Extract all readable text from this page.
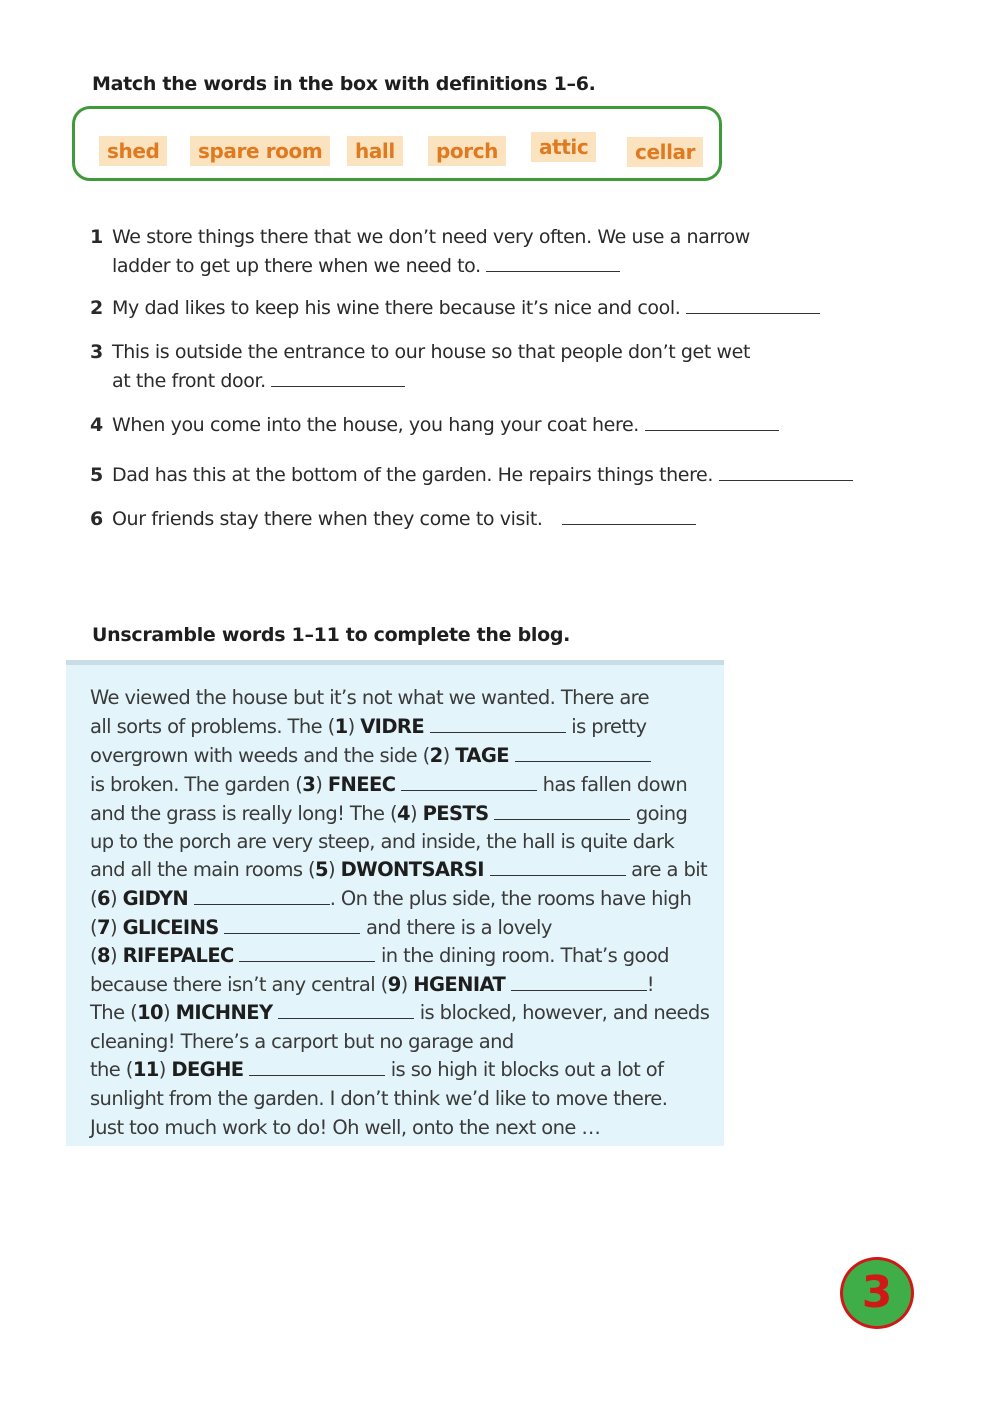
Match the words in the box with definitions 1–6.
shed	spare room	hall	porch	attic	cellar
1 We store things there that we don’t need very often. We use a narrow
ladder to get up there when we need to.
2 My dad likes to keep his wine there because it’s nice and cool.
3 This is outside the entrance to our house so that people don’t get wet
at the front door.
4 When you come into the house, you hang your coat here.
5 Dad has this at the bottom of the garden. He repairs things there.
6 Our friends stay there when they come to visit.
Unscramble words 1–11 to complete the blog.
We viewed the house but it’s not what we wanted. There are
all sorts of problems. The (1) VIDRE	is pretty
overgrown with weeds and the side (2) TAGE
is broken. The garden (3) FNEEC	has fallen down
and the grass is really long! The (4) PESTS	going
up to the porch are very steep, and inside, the hall is quite dark
and all the main rooms (5) DWONTSARSI	are a bit
(6) GIDYN	. On the plus side, the rooms have high
(7) GLICEINS	and there is a lovely
(8) RIFEPALEC	in the dining room. That’s good
because there isn’t any central (9) HGENIAT	!
The (10) MICHNEY	is blocked, however, and needs
cleaning! There’s a carport but no garage and
the (11) DEGHE	is so high it blocks out a lot of
sunlight from the garden. I don’t think we’d like to move there.
Just too much work to do! Oh well, onto the next one …
3
